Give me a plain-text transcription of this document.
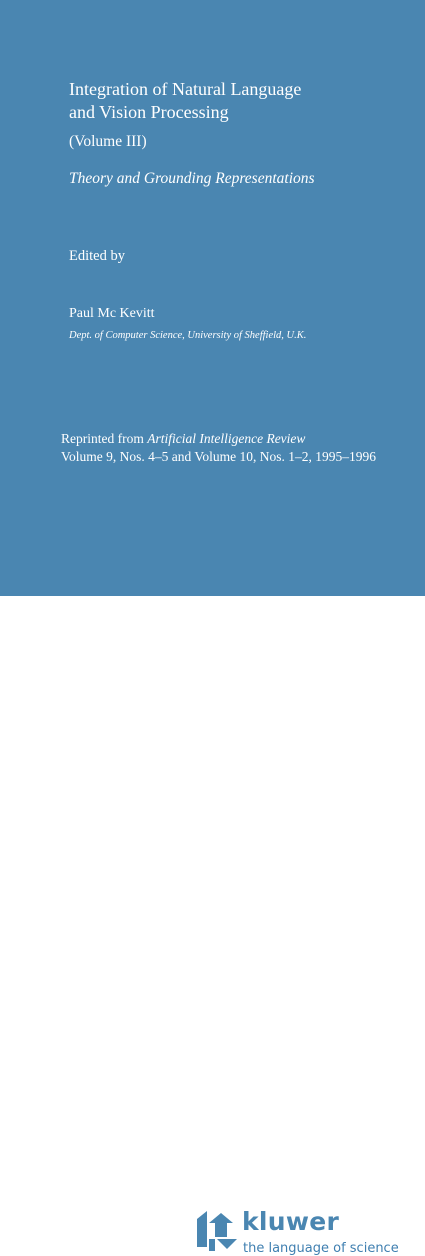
Integration of Natural Language
and Vision Processing
(Volume III)
Theory and Grounding Representations
Edited by
Paul Mc Kevitt
Dept. of Computer Science, University of Sheffield, U.K.
Reprinted from Artificial Intelligence Review
Volume 9, Nos. 4–5 and Volume 10, Nos. 1–2, 1995–1996
kluwer
the language of science
